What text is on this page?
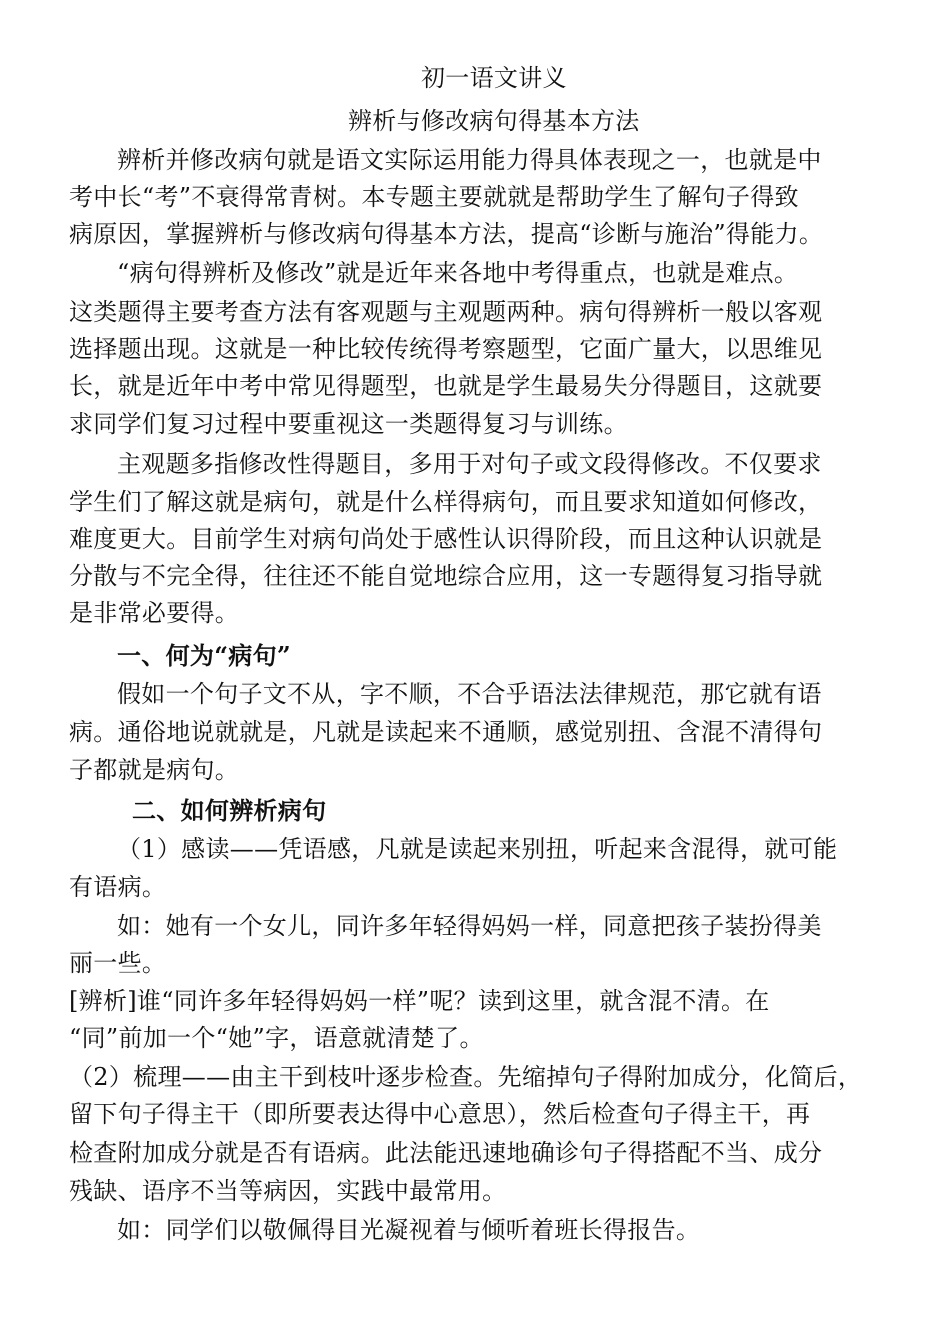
初一语文讲义
辨析与修改病句得基本方法
辨析并修改病句就是语文实际运用能力得具体表现之一，也就是中
考中长“考”不衰得常青树。本专题主要就就是帮助学生了解句子得致
病原因，掌握辨析与修改病句得基本方法，提高“诊断与施治”得能力。
“病句得辨析及修改”就是近年来各地中考得重点，也就是难点。
这类题得主要考查方法有客观题与主观题两种。病句得辨析一般以客观
选择题出现。这就是一种比较传统得考察题型，它面广量大，以思维见
长，就是近年中考中常见得题型，也就是学生最易失分得题目，这就要
求同学们复习过程中要重视这一类题得复习与训练。
主观题多指修改性得题目，多用于对句子或文段得修改。不仅要求
学生们了解这就是病句，就是什么样得病句，而且要求知道如何修改，
难度更大。目前学生对病句尚处于感性认识得阶段，而且这种认识就是
分散与不完全得，往往还不能自觉地综合应用，这一专题得复习指导就
是非常必要得。
一、何为“病句”
假如一个句子文不从，字不顺，不合乎语法法律规范，那它就有语
病。通俗地说就就是，凡就是读起来不通顺，感觉别扭、含混不清得句
子都就是病句。
二、如何辨析病句
（1）感读——凭语感，凡就是读起来别扭，听起来含混得，就可能
有语病。
如：她有一个女儿，同许多年轻得妈妈一样，同意把孩子装扮得美
丽一些。
[辨析]谁“同许多年轻得妈妈一样”呢？读到这里，就含混不清。在
“同”前加一个“她”字，语意就清楚了。
（2）梳理——由主干到枝叶逐步检查。先缩掉句子得附加成分，化简后，
留下句子得主干（即所要表达得中心意思），然后检查句子得主干，再
检查附加成分就是否有语病。此法能迅速地确诊句子得搭配不当、成分
残缺、语序不当等病因，实践中最常用。
如：同学们以敬佩得目光凝视着与倾听着班长得报告。
